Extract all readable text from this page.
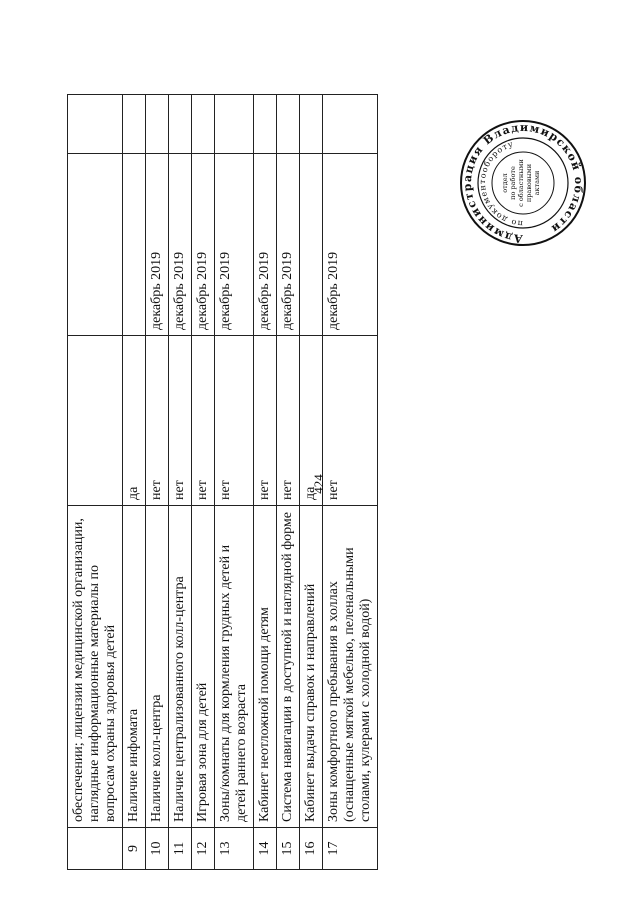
	обеспечении; лицензии медицинской организации, наглядные информационные материалы по вопросам охраны здоровья детей			
9	Наличие инфомата	да		
10	Наличие колл-центра	нет	декабрь 2019	
11	Наличие централизованного колл-центра	нет	декабрь 2019	
12	Игровая зона для детей	нет	декабрь 2019	
13	Зоны/комнаты для кормления грудных детей и детей раннего возраста	нет	декабрь 2019	
14	Кабинет неотложной помощи детям	нет	декабрь 2019	
15	Система навигации в доступной и наглядной форме	нет	декабрь 2019	
16	Кабинет выдачи справок и направлений	да		
17	Зоны комфортного пребывания в холлах (оснащенные мягкой мебелью, пеленальными столами, кулерами с холодной водой)	нет	декабрь 2019	
424
Администрация Владимирской области
по документообороту
отдел по работе с областными правовыми актами
